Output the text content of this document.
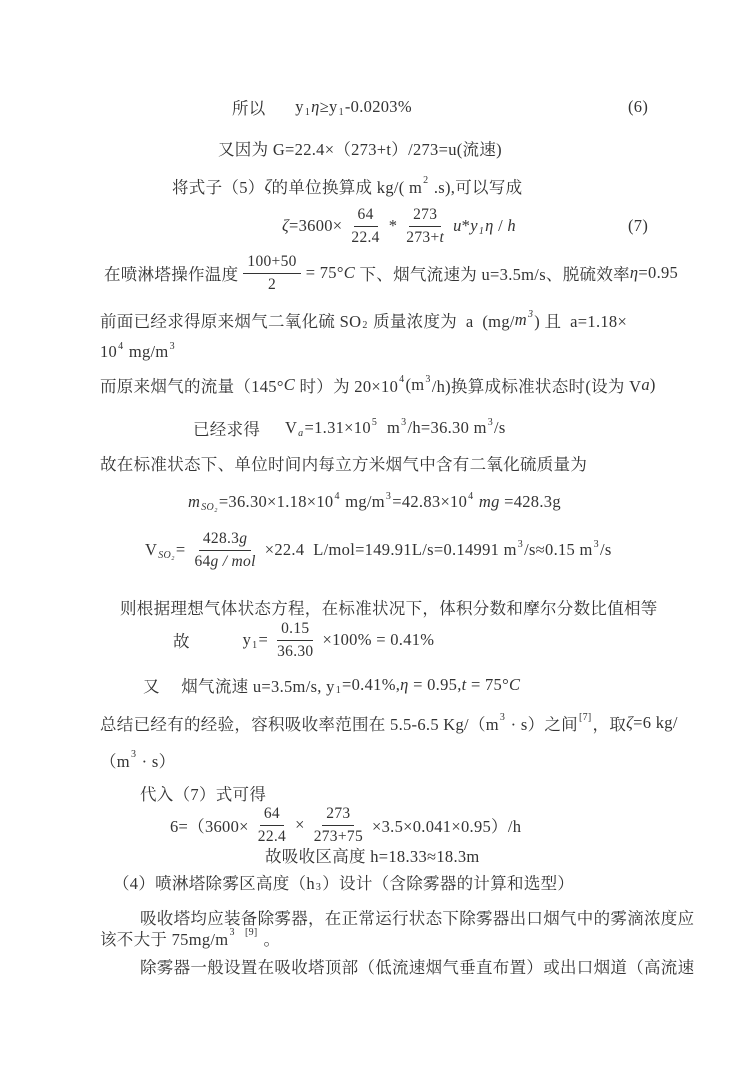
所以 y 1 η ≥y 1 -0.0203%	(6)
又因为 G=22.4×（273+t）/273=u(流速)
将式子（5） ζ 的单位换算成 kg/( m 2 .s),可以写成
$\zeta =3600\times \frac{64}{22.4} * \frac{273}{273+t}$ u * y 1 η / h	(7)
在喷淋塔操作温度 $\frac{100+50}{2} = 75^\circ$ C 下、烟气流速为 u=3.5m/s、脱硫效率 η =0.95
前面已经求得原来烟气二氧化硫 SO 2 质量浓度为  a  (mg/ m 3 ) 且  a=1.18×
10 4 mg/m 3
而原来烟气的流量（145° C 时）为 20×10 4 (m 3 /h)换算成标准状态时(设为 V a )
已经求得 V a =1.31×10 5 m 3 /h=36.30 m 3 /s
故在标准状态下、单位时间内每立方米烟气中含有二氧化硫质量为
m SO₂ =36.30×1.18×10 4 mg/m 3 =42.83×10 4 mg =428.3g
V $SO_2 = \frac{428.3g}{\text{64g / mol}} \times 22.4$  L/mol=149.91L/s=0.14991 m 3 /s≈0.15 m 3 /s
则根据理想气体状态方程，在标准状况下，体积分数和摩尔分数比值相等
故	y $1 = \frac{0.15}{36.30} \times 100\% = 0.41\%$
又 烟气流速 u=3.5m/s, y 1 =0.41%, η = 0.95, t = 75° C
总结已经有的经验，容积吸收率范围在 5.5-6.5 Kg/（m 3 · s）之间 [7] ，取 ζ =6 kg/
（m 3 · s）
代入（7）式可得
$6=(3600\times \frac{64}{22.4} \times \frac{273}{273+75} \times 3.5\times 0.041\times 0.95)/h$
故吸收区高度 h=18.33≈18.3m
（4）喷淋塔除雾区高度（h 3 ）设计（含除雾器的计算和选型）
吸收塔均应装备除雾器，在正常运行状态下除雾器出口烟气中的雾滴浓度应
该不大于 75mg/m 3 [9] 。
除雾器一般设置在吸收塔顶部（低流速烟气垂直布置）或出口烟道（高流速
